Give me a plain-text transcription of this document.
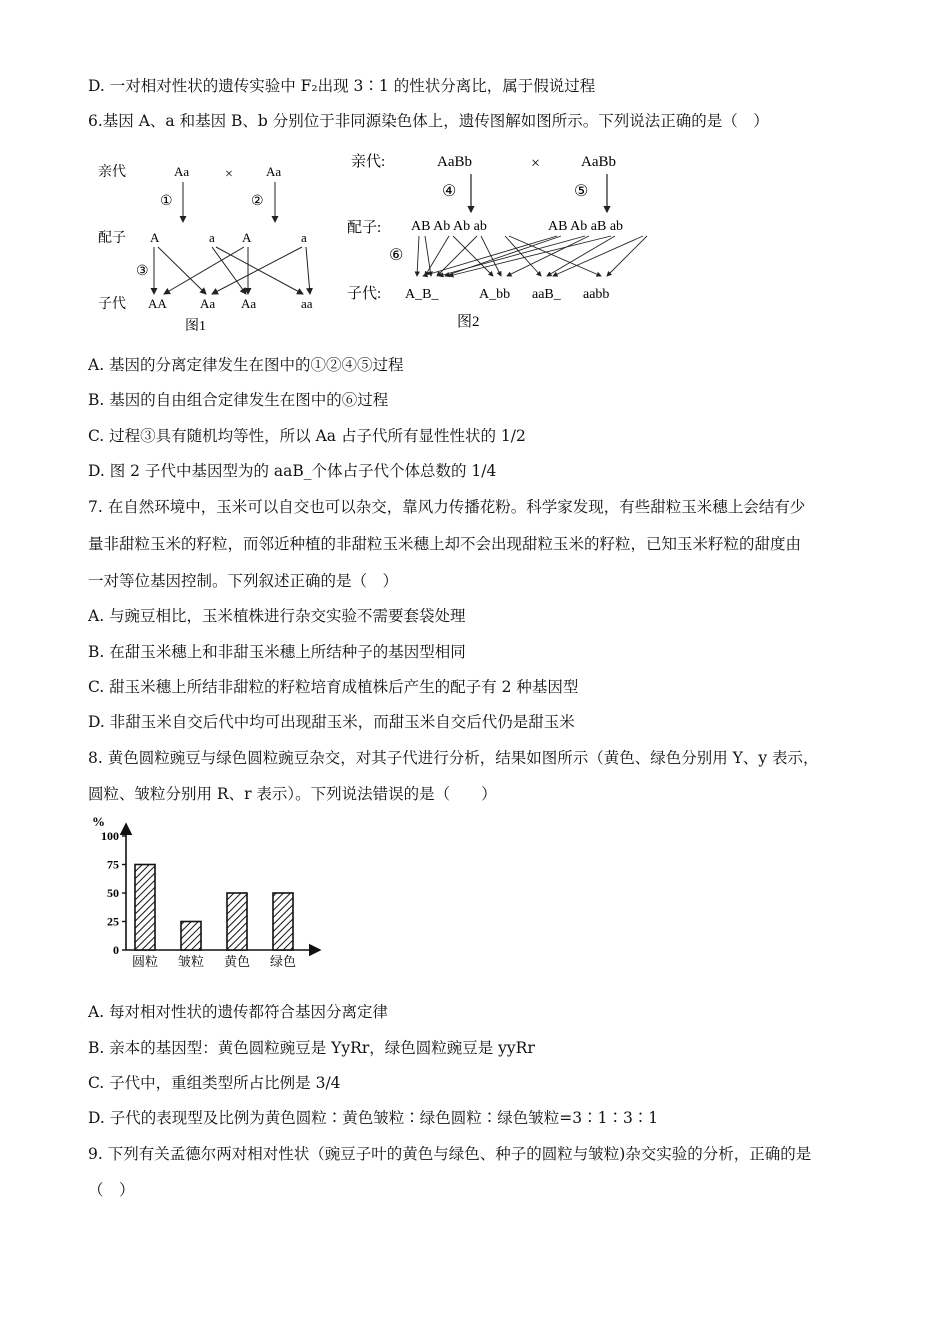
D. 一对相对性状的遗传实验中 F₂出现 3∶1 的性状分离比，属于假说过程
6.基因 A、a 和基因 B、b 分别位于非同源染色体上，遗传图解如图所示。下列说法正确的是（　）
亲代
配子
子代
Aa	×	Aa
①	②
③
A	a A	a
AA	Aa Aa	aa
图1
亲代:
配子:
子代:
AaBb	×	AaBb
④	⑤
⑥
AB Ab Ab ab	AB Ab aB ab
A_B_	A_bb aaB_ aabb
图2
A. 基因的分离定律发生在图中的①②④⑤过程
B. 基因的自由组合定律发生在图中的⑥过程
C. 过程③具有随机均等性，所以 Aa 占子代所有显性性状的 1/2
D. 图 2 子代中基因型为的 aaB_个体占子代个体总数的 1/4
7. 在自然环境中，玉米可以自交也可以杂交，靠风力传播花粉。科学家发现，有些甜粒玉米穗上会结有少
量非甜粒玉米的籽粒，而邻近种植的非甜粒玉米穗上却不会出现甜粒玉米的籽粒，已知玉米籽粒的甜度由
一对等位基因控制。下列叙述正确的是（　）
A. 与豌豆相比，玉米植株进行杂交实验不需要套袋处理
B. 在甜玉米穗上和非甜玉米穗上所结种子的基因型相同
C. 甜玉米穗上所结非甜粒的籽粒培育成植株后产生的配子有 2 种基因型
D. 非甜玉米自交后代中均可出现甜玉米，而甜玉米自交后代仍是甜玉米
8. 黄色圆粒豌豆与绿色圆粒豌豆杂交，对其子代进行分析，结果如图所示（黄色、绿色分别用 Y、y 表示，
圆粒、皱粒分别用 R、r 表示）。下列说法错误的是（　　）
%
0
25
50
75
100
圆粒 皱粒 黄色 绿色
A. 每对相对性状的遗传都符合基因分离定律
B. 亲本的基因型：黄色圆粒豌豆是 YyRr，绿色圆粒豌豆是 yyRr
C. 子代中，重组类型所占比例是 3/4
D. 子代的表现型及比例为黄色圆粒∶黄色皱粒∶绿色圆粒∶绿色皱粒=3∶1∶3∶1
9. 下列有关孟德尔两对相对性状（豌豆子叶的黄色与绿色、种子的圆粒与皱粒)杂交实验的分析，正确的是
（　）
